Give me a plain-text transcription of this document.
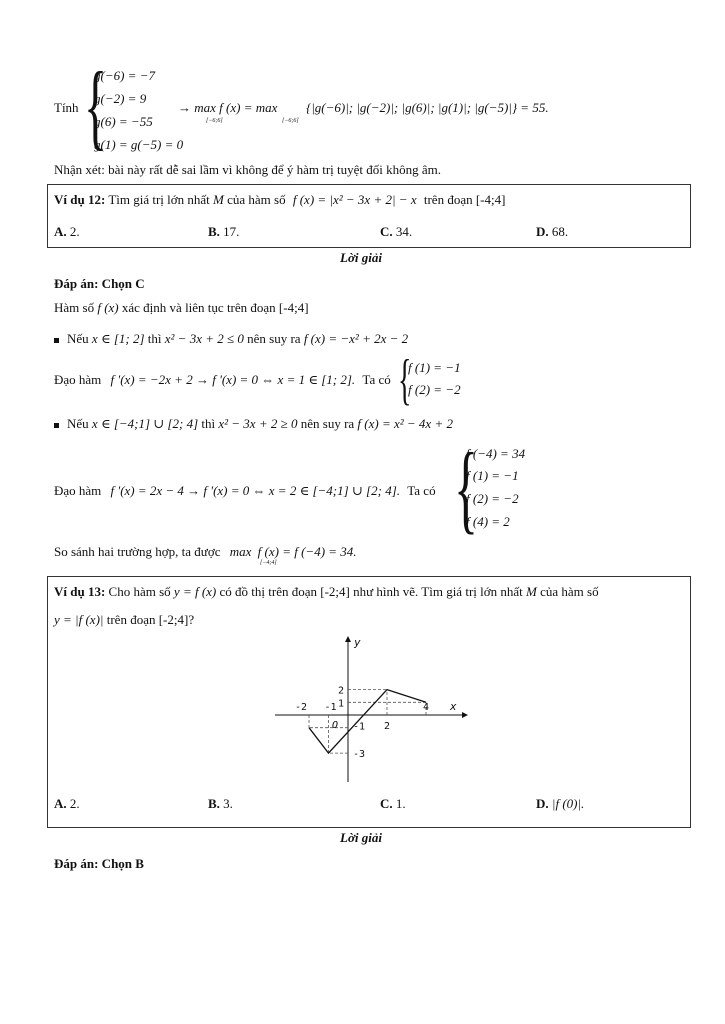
Tính {
g(−6) = −7
g(−2) = 9
g(6) = −55
g(1) = g(−5) = 0
→ max f (x) = max
[−6;6]	[−6;6]
{|g(−6)|; |g(−2)|; |g(6)|; |g(1)|; |g(−5)|} = 55.
Nhận xét: bài này rất dễ sai lầm vì không để ý hàm trị tuyệt đối không âm.
Ví dụ 12: Tìm giá trị lớn nhất M của hàm số f (x) = |x² − 3x + 2| − x trên đoạn [-4;4]
A. 2.	B. 17.	C. 34.	D. 68.
Lời giải
Đáp án: Chọn C
Hàm số f (x) xác định và liên tục trên đoạn [-4;4]
Nếu x ∈ [1; 2] thì x² − 3x + 2 ≤ 0 nên suy ra f (x) = −x² + 2x − 2
Đạo hàm f '(x) = −2x + 2 → f '(x) = 0 ⇔ x = 1 ∈ [1; 2]. Ta có {
f (1) = −1
f (2) = −2
Nếu x ∈ [−4;1] ∪ [2; 4] thì x² − 3x + 2 ≥ 0 nên suy ra f (x) = x² − 4x + 2
Đạo hàm f '(x) = 2x − 4 → f '(x) = 0 ⇔ x = 2 ∈ [−4;1] ∪ [2; 4]. Ta có {
f (−4) = 34
f (1) = −1
f (2) = −2
f (4) = 2
So sánh hai trường hợp, ta được max f (x) = f (−4) = 34.
[−4;4]
Ví dụ 13: Cho hàm số y = f (x) có đồ thị trên đoạn [-2;4] như hình vẽ. Tìm giá trị lớn nhất M của hàm số
y = |f (x)| trên đoạn [-2;4]?
-2 -1
2
4
2
1
-1
-3
y
x
O
A. 2.	B. 3.	C. 1.	D. |f (0)|.
Lời giải
Đáp án: Chọn B
